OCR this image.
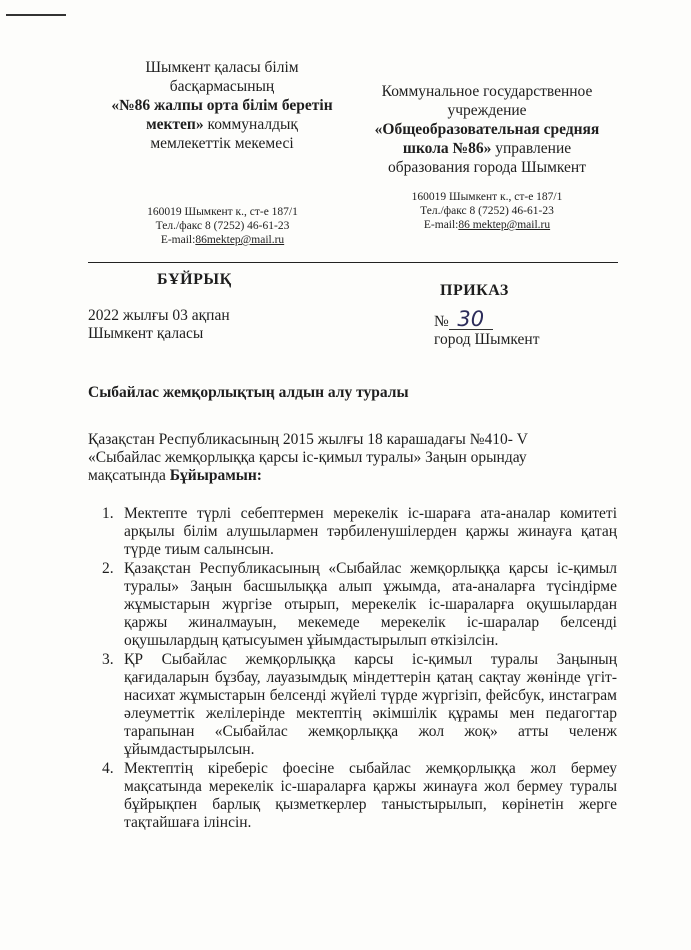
Шымкент қаласы білім
басқармасының
«№86 жалпы орта білім беретін
мектеп» коммуналдық
мемлекеттік мекемесі
Коммунальное государственное
учреждение
«Общеобразовательная средняя
школа №86» управление
образования города Шымкент
160019 Шымкент к., ст-е 187/1
Тел./факс 8 (7252) 46-61-23
E-mail:86mektep@mail.ru
160019 Шымкент к., ст-е 187/1
Тел./факс 8 (7252) 46-61-23
E-mail:86 mektep@mail.ru
БҰЙРЫҚ
ПРИКАЗ
2022 жылғы 03 ақпан
Шымкент қаласы
№ 30
город Шымкент
Сыбайлас жемқорлықтың алдын алу туралы
Қазақстан Республикасының 2015 жылғы 18 карашадағы №410- V «Сыбайлас жемқорлыққа қарсы іс-қимыл туралы» Заңын орындау мақсатында Бұйырамын:
1. Мектепте түрлі себептермен мерекелік іс-шараға ата-аналар комитеті арқылы білім алушылармен тәрбиленушілерден қаржы жинауға қатаң түрде тиым салынсын.
2. Қазақстан Республикасының «Сыбайлас жемқорлыққа қарсы іс-қимыл туралы» Заңын басшылыққа алып ұжымда, ата-аналарға түсіндірме жұмыстарын жүргізе отырып, мерекелік іс-шараларға оқушылардан қаржы жиналмауын, мекемеде мерекелік іс-шаралар белсенді оқушылардың қатысуымен ұйымдастырылып өткізілсін.
3. ҚР Сыбайлас жемқорлыққа карсы іс-қимыл туралы Заңының қағидаларын бұзбау, лауазымдық міндеттерін қатаң сақтау жөнінде үгіт-насихат жұмыстарын белсенді жүйелі түрде жүргізіп, фейсбук, инстаграм әлеуметтік желілерінде мектептің әкімшілік құрамы мен педагогтар тарапынан «Сыбайлас жемқорлыққа жол жоқ» атты челенж ұйымдастырылсын.
4. Мектептің кіреберіс фоесіне сыбайлас жемқорлыққа жол бермеу мақсатында мерекелік іс-шараларға қаржы жинауға жол бермеу туралы бұйрықпен барлық қызметкерлер таныстырылып, көрінетін жерге тақтайшаға ілінсін.
